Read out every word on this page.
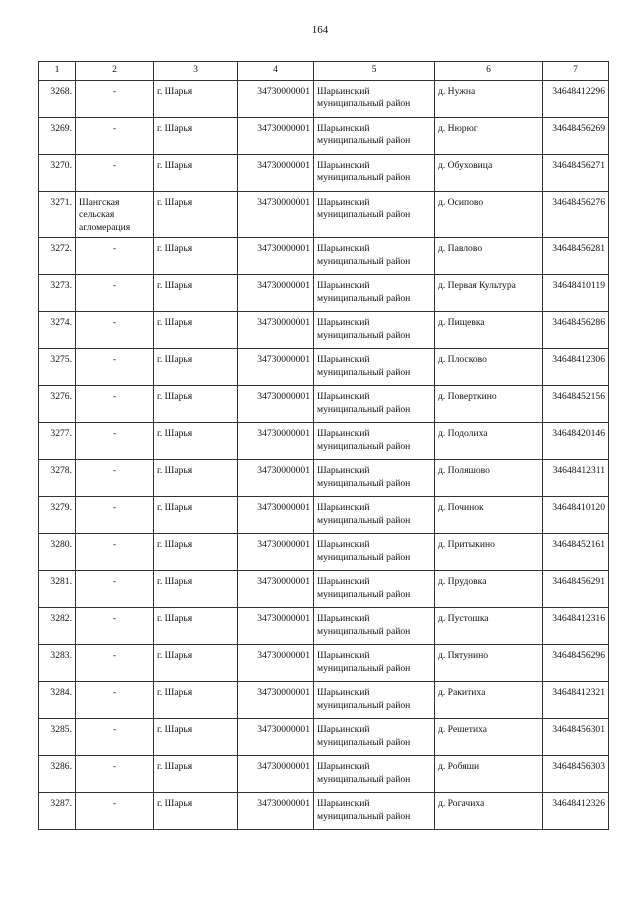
164
1	2	3	4	5	6	7
3268.	-	г. Шарья	34730000001	Шарьинский муниципальный район	д. Нужна	34648412296
3269.	-	г. Шарья	34730000001	Шарьинский муниципальный район	д. Нюрюг	34648456269
3270.	-	г. Шарья	34730000001	Шарьинский муниципальный район	д. Обуховица	34648456271
3271.	Шангская сельская агломерация	г. Шарья	34730000001	Шарьинский муниципальный район	д. Осипово	34648456276
3272.	-	г. Шарья	34730000001	Шарьинский муниципальный район	д. Павлово	34648456281
3273.	-	г. Шарья	34730000001	Шарьинский муниципальный район	д. Первая Культура	34648410119
3274.	-	г. Шарья	34730000001	Шарьинский муниципальный район	д. Пищевка	34648456286
3275.	-	г. Шарья	34730000001	Шарьинский муниципальный район	д. Плосково	34648412306
3276.	-	г. Шарья	34730000001	Шарьинский муниципальный район	д. Поверткино	34648452156
3277.	-	г. Шарья	34730000001	Шарьинский муниципальный район	д. Подолиха	34648420146
3278.	-	г. Шарья	34730000001	Шарьинский муниципальный район	д. Поляшово	34648412311
3279.	-	г. Шарья	34730000001	Шарьинский муниципальный район	д. Починок	34648410120
3280.	-	г. Шарья	34730000001	Шарьинский муниципальный район	д. Притыкино	34648452161
3281.	-	г. Шарья	34730000001	Шарьинский муниципальный район	д. Прудовка	34648456291
3282.	-	г. Шарья	34730000001	Шарьинский муниципальный район	д. Пустошка	34648412316
3283.	-	г. Шарья	34730000001	Шарьинский муниципальный район	д. Пятунино	34648456296
3284.	-	г. Шарья	34730000001	Шарьинский муниципальный район	д. Ракитиха	34648412321
3285.	-	г. Шарья	34730000001	Шарьинский муниципальный район	д. Решетиха	34648456301
3286.	-	г. Шарья	34730000001	Шарьинский муниципальный район	д. Робяши	34648456303
3287.	-	г. Шарья	34730000001	Шарьинский муниципальный район	д. Рогачиха	34648412326
